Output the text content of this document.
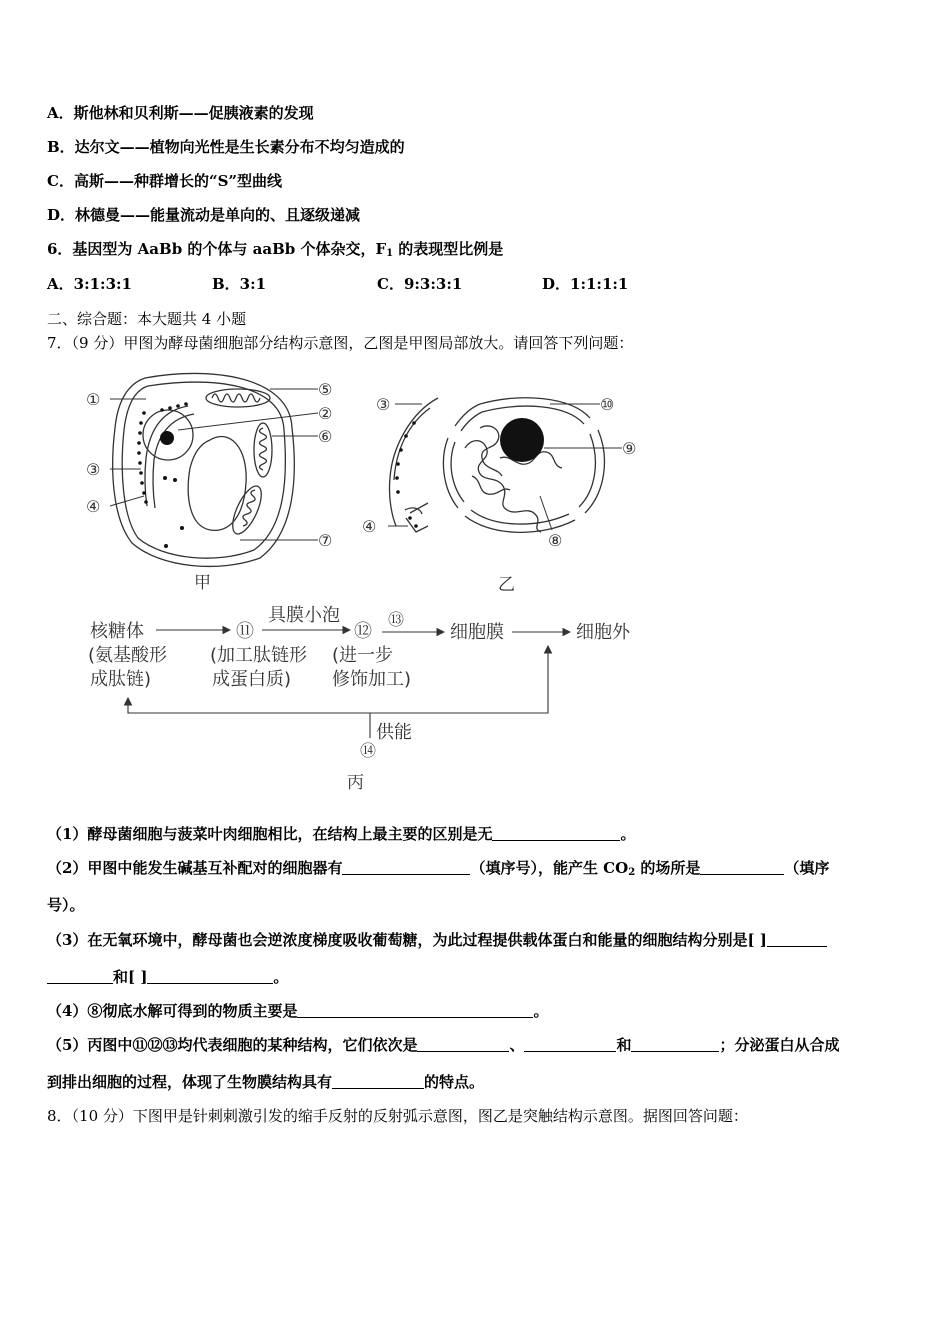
A．斯他林和贝利斯——促胰液素的发现
B．达尔文——植物向光性是生长素分布不均匀造成的
C．高斯——种群增长的“S”型曲线
D．林德曼——能量流动是单向的、且逐级递减
6．基因型为 AaBb 的个体与 aaBb 个体杂交，$F_1$ 的表现型比例是
A．3:1:3:1	B．3:1	C．9:3:3:1	D．1:1:1:1
二、综合题：本大题共 4 小题
7．（9 分）甲图为酵母菌细胞部分结构示意图，乙图是甲图局部放大。请回答下列问题：
①
⑤
②
⑥
③
④
⑦
甲
③	⑩
⑨
④
⑧
乙
核糖体
(氨基酸形
成肽链)
⑪
(加工肽链形
成蛋白质)
具膜小泡
⑫
⑬
(进一步
修饰加工)
细胞膜	细胞外
供能
⑭
丙
（1）酵母菌细胞与菠菜叶肉细胞相比，在结构上最主要的区别是无	。
（2）甲图中能发生碱基互补配对的细胞器有	（填序号），能产生 $CO_2$ 的场所是	（填序
号）。
（3）在无氧环境中，酵母菌也会逆浓度梯度吸收葡萄糖，为此过程提供载体蛋白和能量的细胞结构分别是[ ]
和[ ]	。
（4）⑧彻底水解可得到的物质主要是	。
（5）丙图中⑪⑫⑬均代表细胞的某种结构，它们依次是	、	和	；分泌蛋白从合成
到排出细胞的过程，体现了生物膜结构具有	的特点。
8．（10 分）下图甲是针刺刺激引发的缩手反射的反射弧示意图，图乙是突触结构示意图。据图回答问题：
